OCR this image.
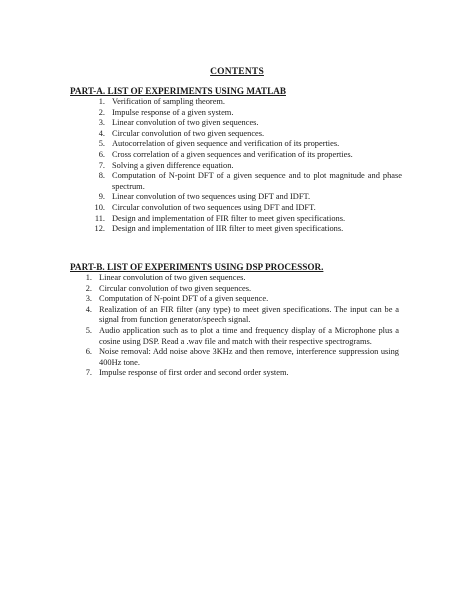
CONTENTS
PART-A. LIST OF EXPERIMENTS USING MATLAB
1. Verification of sampling theorem.
2. Impulse response of a given system.
3. Linear convolution of two given sequences.
4. Circular convolution of two given sequences.
5. Autocorrelation of given sequence and verification of its properties.
6. Cross correlation of a given sequences and verification of its properties.
7. Solving a given difference equation.
8. Computation of N-point DFT of a given sequence and to plot magnitude and phase spectrum.
9. Linear convolution of two sequences using DFT and IDFT.
10. Circular convolution of two sequences using DFT and IDFT.
11. Design and implementation of FIR filter to meet given specifications.
12. Design and implementation of IIR filter to meet given specifications.
PART-B. LIST OF EXPERIMENTS USING DSP PROCESSOR.
1. Linear convolution of two given sequences.
2. Circular convolution of two given sequences.
3. Computation of N-point DFT of a given sequence.
4. Realization of an FIR filter (any type) to meet given specifications. The input can be a signal from function generator/speech signal.
5. Audio application such as to plot a time and frequency display of a Microphone plus a cosine using DSP. Read a .wav file and match with their respective spectrograms.
6. Noise removal: Add noise above 3KHz and then remove, interference suppression using 400Hz tone.
7. Impulse response of first order and second order system.
